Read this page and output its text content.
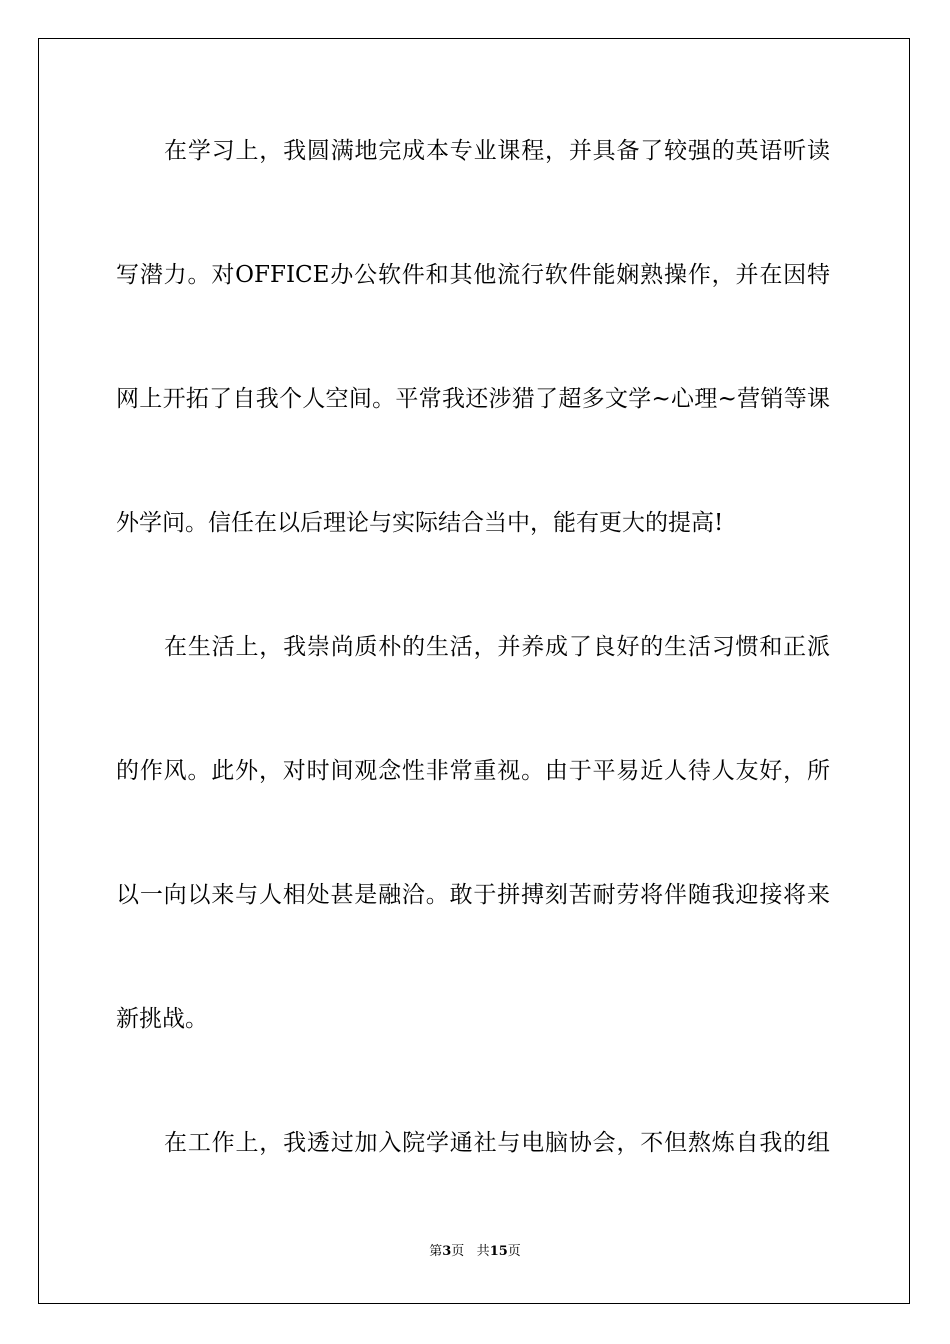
在学习上，我圆满地完成本专业课程，并具备了较强的英语听读
写潜力。对OFFICE办公软件和其他流行软件能娴熟操作，并在因特
网上开拓了自我个人空间。平常我还涉猎了超多文学~心理~营销等课
外学问。信任在以后理论与实际结合当中，能有更大的提高!
在生活上，我崇尚质朴的生活，并养成了良好的生活习惯和正派
的作风。此外，对时间观念性非常重视。由于平易近人待人友好，所
以一向以来与人相处甚是融洽。敢于拼搏刻苦耐劳将伴随我迎接将来
新挑战。
在工作上，我透过加入院学通社与电脑协会，不但熬炼自我的组
第3页 共15页
